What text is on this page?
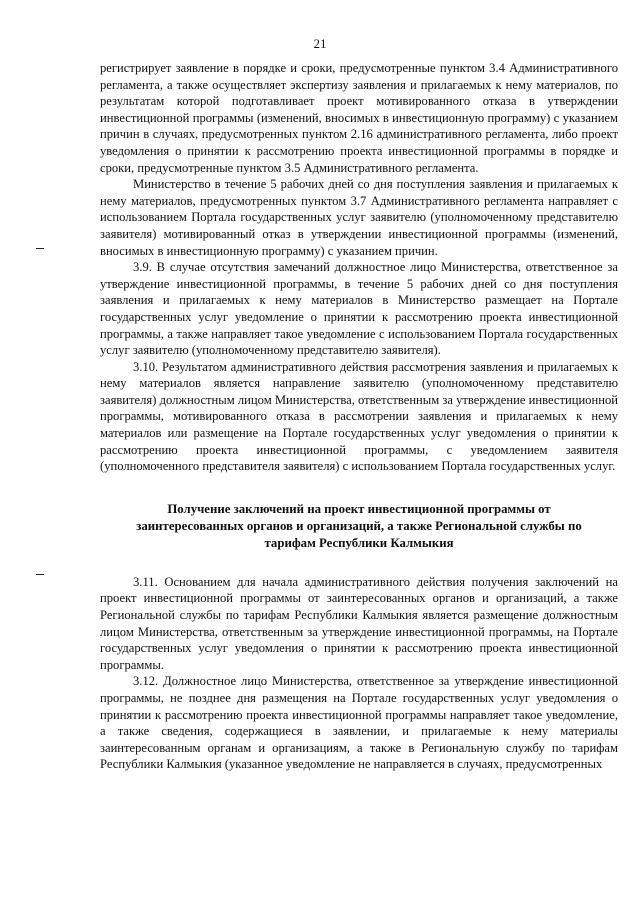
21

регистрирует заявление в порядке и сроки, предусмотренные пунктом 3.4 Административного регламента, а также осуществляет экспертизу заявления и прилагаемых к нему материалов, по результатам которой подготавливает проект мотивированного отказа в утверждении инвестиционной программы (изменений, вносимых в инвестиционную программу) с указанием причин в случаях, предусмотренных пунктом 2.16 административного регламента, либо проект уведомления о принятии к рассмотрению проекта инвестиционной программы в порядке и сроки, предусмотренные пунктом 3.5 Административного регламента.

Министерство в течение 5 рабочих дней со дня поступления заявления и прилагаемых к нему материалов, предусмотренных пунктом 3.7 Административного регламента направляет с использованием Портала государственных услуг заявителю (уполномоченному представителю заявителя) мотивированный отказ в утверждении инвестиционной программы (изменений, вносимых в инвестиционную программу) с указанием причин.

3.9. В случае отсутствия замечаний должностное лицо Министерства, ответственное за утверждение инвестиционной программы, в течение 5 рабочих дней со дня поступления заявления и прилагаемых к нему материалов в Министерство размещает на Портале государственных услуг уведомление о принятии к рассмотрению проекта инвестиционной программы, а также направляет такое уведомление с использованием Портала государственных услуг заявителю (уполномоченному представителю заявителя).

3.10. Результатом административного действия рассмотрения заявления и прилагаемых к нему материалов является направление заявителю (уполномоченному представителю заявителя) должностным лицом Министерства, ответственным за утверждение инвестиционной программы, мотивированного отказа в рассмотрении заявления и прилагаемых к нему материалов или размещение на Портале государственных услуг уведомления о принятии к рассмотрению проекта инвестиционной программы, с уведомлением заявителя (уполномоченного представителя заявителя) с использованием Портала государственных услуг.

Получение заключений на проект инвестиционной программы от заинтересованных органов и организаций, а также Региональной службы по тарифам Республики Калмыкия

3.11. Основанием для начала административного действия получения заключений на проект инвестиционной программы от заинтересованных органов и организаций, а также Региональной службы по тарифам Республики Калмыкия является размещение должностным лицом Министерства, ответственным за утверждение инвестиционной программы, на Портале государственных услуг уведомления о принятии к рассмотрению проекта инвестиционной программы.

3.12. Должностное лицо Министерства, ответственное за утверждение инвестиционной программы, не позднее дня размещения на Портале государственных услуг уведомления о принятии к рассмотрению проекта инвестиционной программы направляет такое уведомление, а также сведения, содержащиеся в заявлении, и прилагаемые к нему материалы заинтересованным органам и организациям, а также в Региональную службу по тарифам Республики Калмыкия (указанное уведомление не направляется в случаях, предусмотренных
